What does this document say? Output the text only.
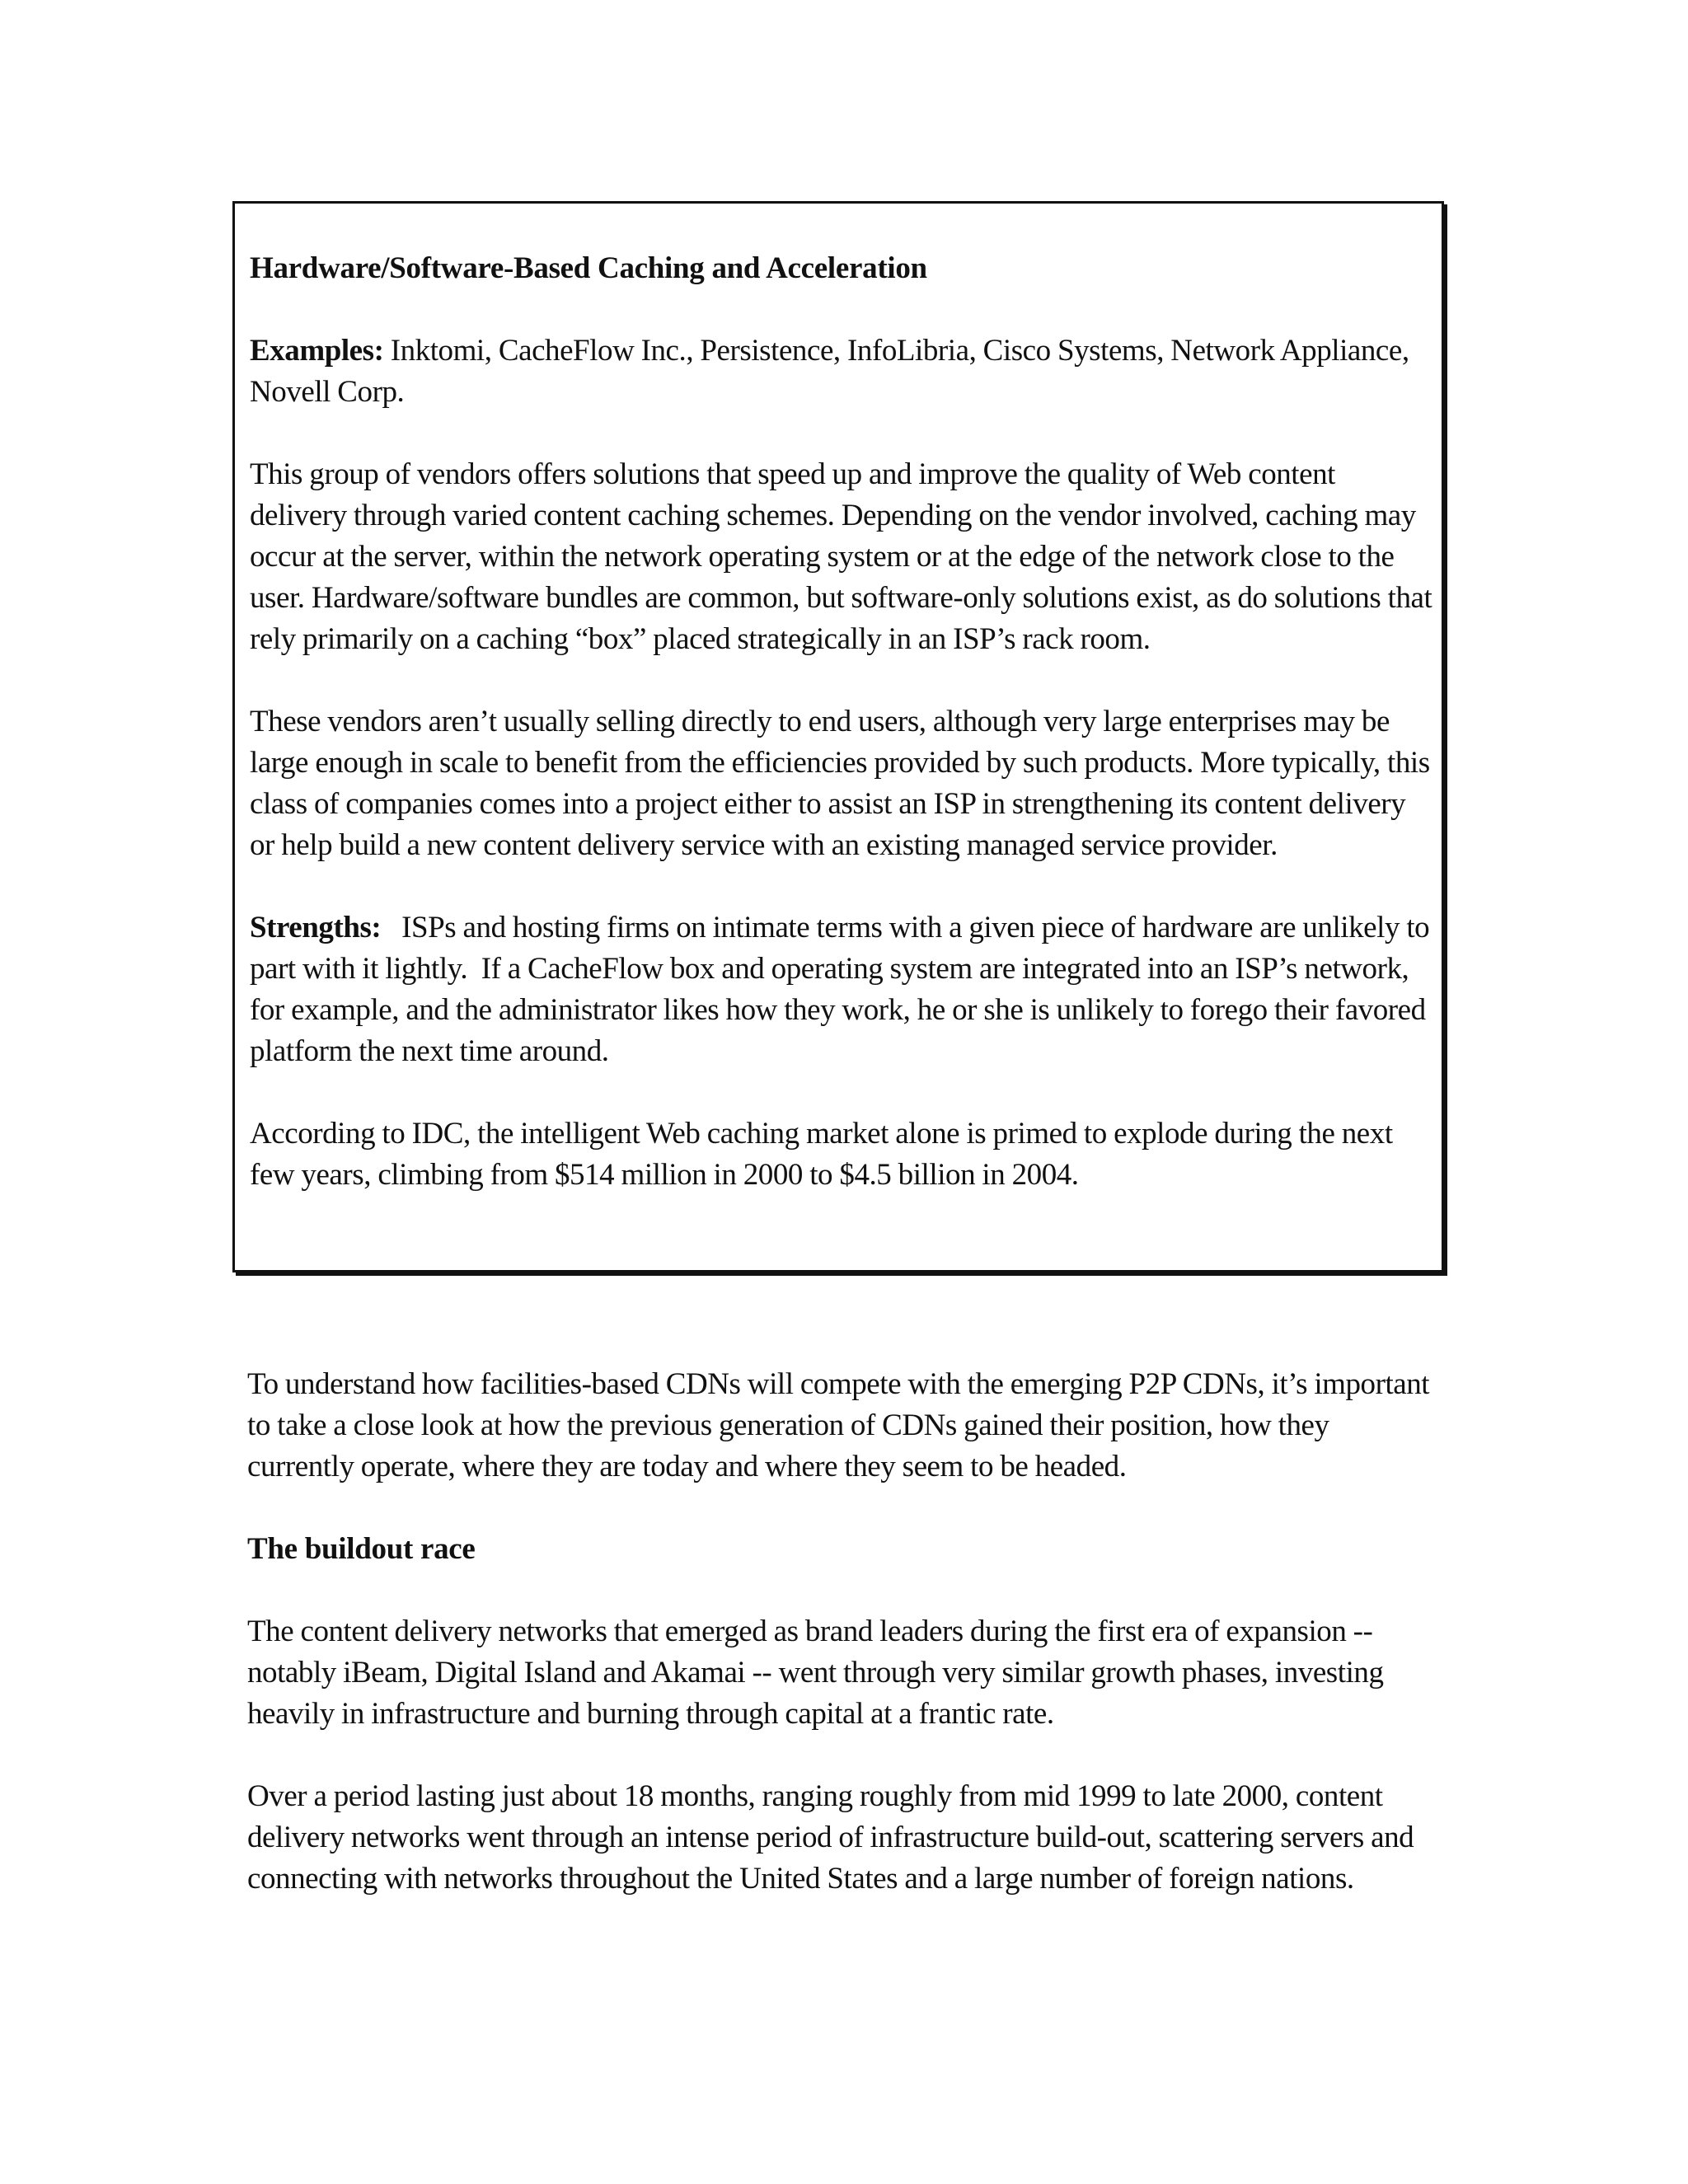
Hardware/Software-Based Caching and Acceleration

Examples: Inktomi, CacheFlow Inc., Persistence, InfoLibria, Cisco Systems, Network Appliance, Novell Corp.

This group of vendors offers solutions that speed up and improve the quality of Web content delivery through varied content caching schemes. Depending on the vendor involved, caching may occur at the server, within the network operating system or at the edge of the network close to the user. Hardware/software bundles are common, but software-only solutions exist, as do solutions that rely primarily on a caching “box” placed strategically in an ISP’s rack room.

These vendors aren’t usually selling directly to end users, although very large enterprises may be large enough in scale to benefit from the efficiencies provided by such products. More typically, this class of companies comes into a project either to assist an ISP in strengthening its content delivery or help build a new content delivery service with an existing managed service provider.

Strengths:   ISPs and hosting firms on intimate terms with a given piece of hardware are unlikely to part with it lightly.  If a CacheFlow box and operating system are integrated into an ISP’s network, for example, and the administrator likes how they work, he or she is unlikely to forego their favored platform the next time around.

According to IDC, the intelligent Web caching market alone is primed to explode during the next few years, climbing from $514 million in 2000 to $4.5 billion in 2004.

To understand how facilities-based CDNs will compete with the emerging P2P CDNs, it’s important to take a close look at how the previous generation of CDNs gained their position, how they currently operate, where they are today and where they seem to be headed.

The buildout race

The content delivery networks that emerged as brand leaders during the first era of expansion -- notably iBeam, Digital Island and Akamai -- went through very similar growth phases, investing heavily in infrastructure and burning through capital at a frantic rate.

Over a period lasting just about 18 months, ranging roughly from mid 1999 to late 2000, content delivery networks went through an intense period of infrastructure build-out, scattering servers and connecting with networks throughout the United States and a large number of foreign nations.
